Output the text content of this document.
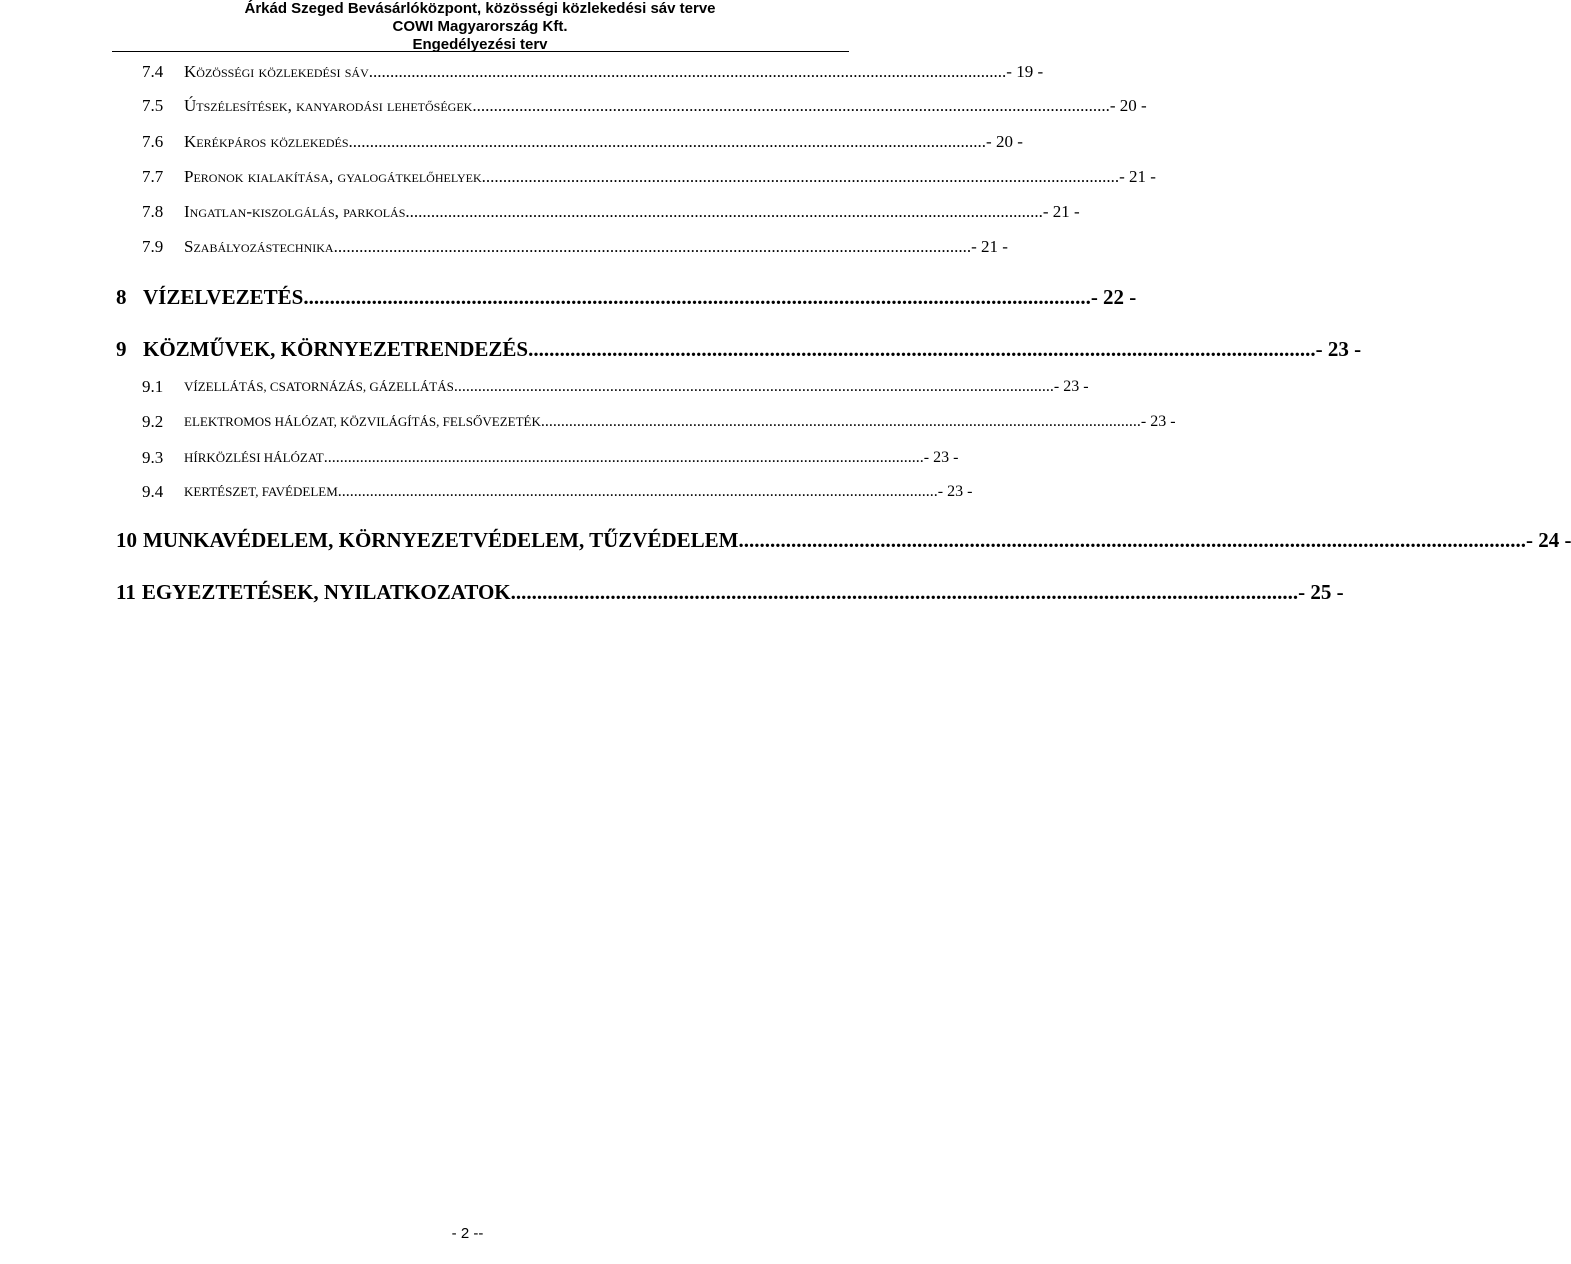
Árkád Szeged Bevásárlóközpont, közösségi közlekedési sáv terve
COWI Magyarország Kft.
Engedélyezési terv
7.4 Közösségi közlekedési sáv ...................................................................................................................................................... - 19 -
7.5 Útszélesítések, kanyarodási lehetőségek ...................................................................................................................................................... - 20 -
7.6 Kerékpáros közlekedés ...................................................................................................................................................... - 20 -
7.7 Peronok kialakítása, gyalogátkelőhelyek ...................................................................................................................................................... - 21 -
7.8 Ingatlan-kiszolgálás, parkolás ...................................................................................................................................................... - 21 -
7.9 Szabályozástechnika ...................................................................................................................................................... - 21 -
8 VÍZELVEZETÉS ...................................................................................................................................................... - 22 -
9 KÖZMŰVEK, KÖRNYEZETRENDEZÉS ...................................................................................................................................................... - 23 -
9.1 VÍZELLÁTÁS, CSATORNÁZÁS, GÁZELLÁTÁS ...................................................................................................................................................... - 23 -
9.2 ELEKTROMOS HÁLÓZAT, KÖZVILÁGÍTÁS, FELSŐVEZETÉK ...................................................................................................................................................... - 23 -
9.3 HÍRKÖZLÉSI HÁLÓZAT ...................................................................................................................................................... - 23 -
9.4 KERTÉSZET, FAVÉDELEM ...................................................................................................................................................... - 23 -
10 MUNKAVÉDELEM, KÖRNYEZETVÉDELEM, TŰZVÉDELEM ...................................................................................................................................................... - 24 -
11 EGYEZTETÉSEK, NYILATKOZATOK ...................................................................................................................................................... - 25 -
- 2 --
